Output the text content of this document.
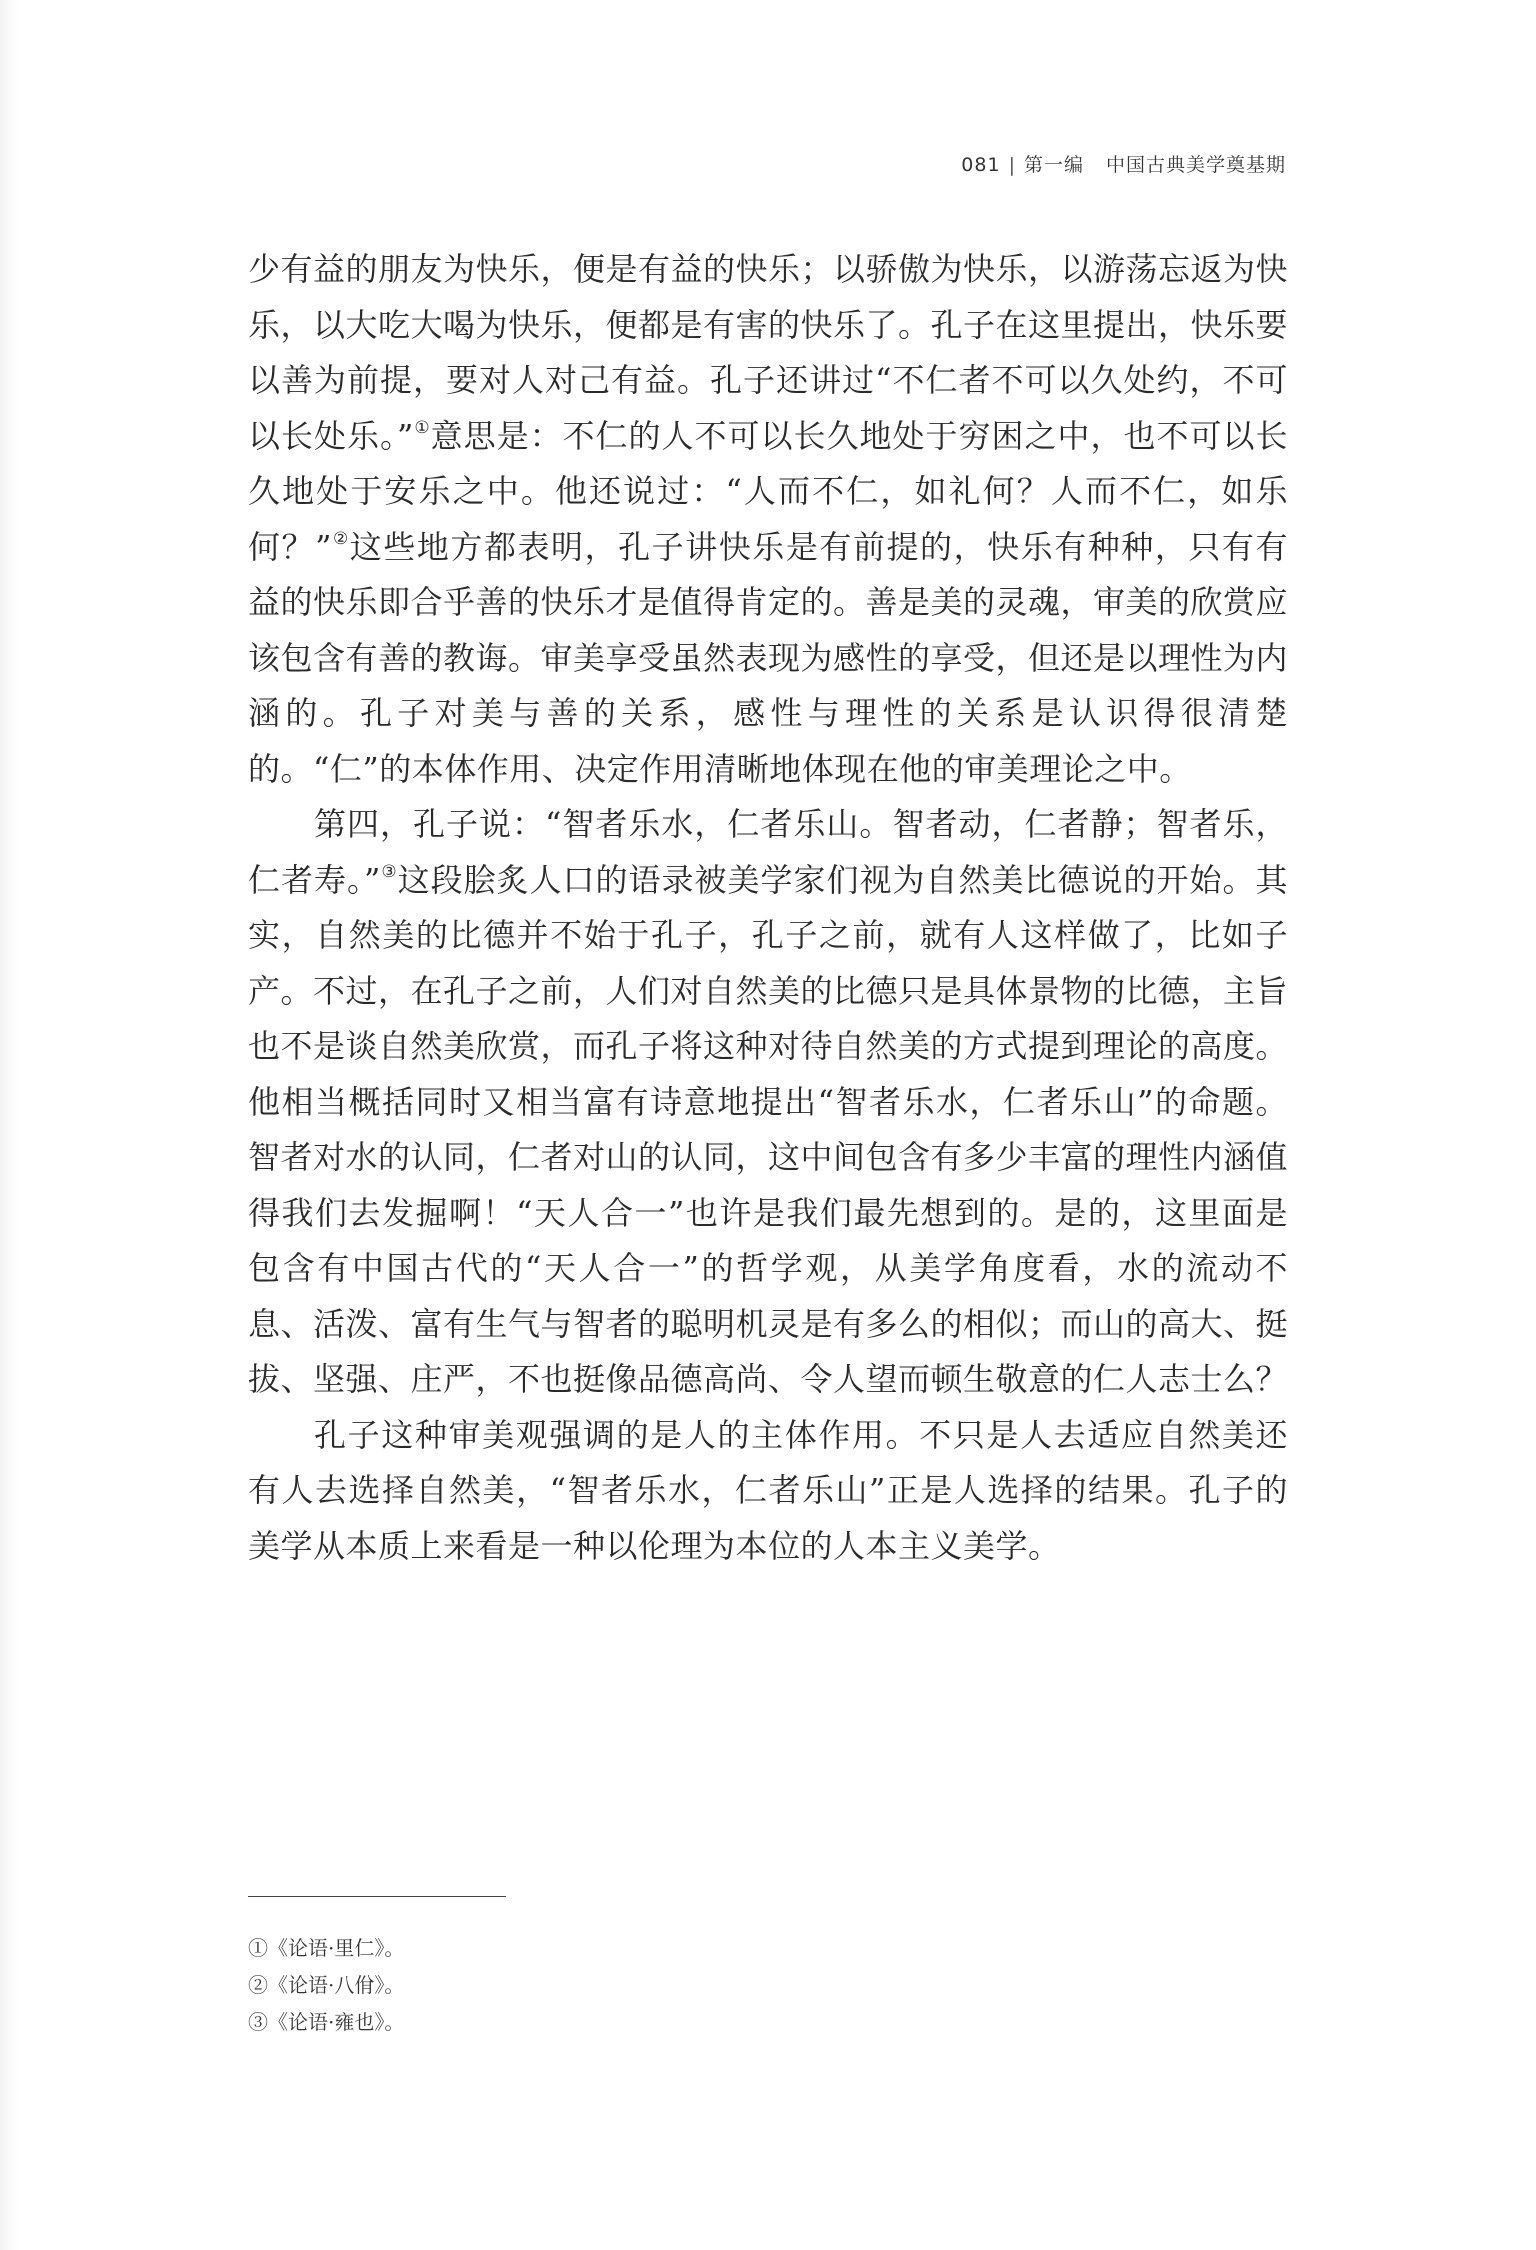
081 | 第一编 中国古典美学奠基期

少有益的朋友为快乐，便是有益的快乐；以骄傲为快乐，以游荡忘返为快乐，以大吃大喝为快乐，便都是有害的快乐了。孔子在这里提出，快乐要以善为前提，要对人对己有益。孔子还讲过“不仁者不可以久处约，不可以长处乐。”①意思是：不仁的人不可以长久地处于穷困之中，也不可以长久地处于安乐之中。他还说过：“人而不仁，如礼何？人而不仁，如乐何？”②这些地方都表明，孔子讲快乐是有前提的，快乐有种种，只有有益的快乐即合乎善的快乐才是值得肯定的。善是美的灵魂，审美的欣赏应该包含有善的教诲。审美享受虽然表现为感性的享受，但还是以理性为内涵的。孔子对美与善的关系，感性与理性的关系是认识得很清楚的。“仁”的本体作用、决定作用清晰地体现在他的审美理论之中。

第四，孔子说：“智者乐水，仁者乐山。智者动，仁者静；智者乐，仁者寿。”③这段脍炙人口的语录被美学家们视为自然美比德说的开始。其实，自然美的比德并不始于孔子，孔子之前，就有人这样做了，比如子产。不过，在孔子之前，人们对自然美的比德只是具体景物的比德，主旨也不是谈自然美欣赏，而孔子将这种对待自然美的方式提到理论的高度。他相当概括同时又相当富有诗意地提出“智者乐水，仁者乐山”的命题。智者对水的认同，仁者对山的认同，这中间包含有多少丰富的理性内涵值得我们去发掘啊！“天人合一”也许是我们最先想到的。是的，这里面是包含有中国古代的“天人合一”的哲学观，从美学角度看，水的流动不息、活泼、富有生气与智者的聪明机灵是有多么的相似；而山的高大、挺拔、坚强、庄严，不也挺像品德高尚、令人望而顿生敬意的仁人志士么？

孔子这种审美观强调的是人的主体作用。不只是人去适应自然美还有人去选择自然美，“智者乐水，仁者乐山”正是人选择的结果。孔子的美学从本质上来看是一种以伦理为本位的人本主义美学。

①《论语·里仁》。
②《论语·八佾》。
③《论语·雍也》。
